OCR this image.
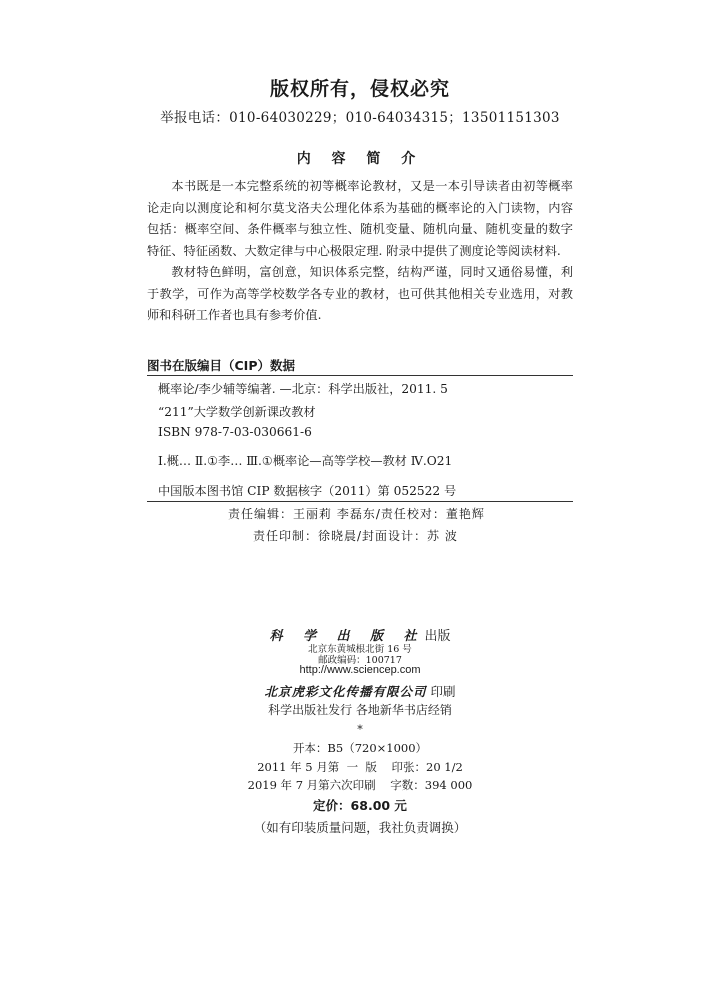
版权所有，侵权必究
举报电话：010-64030229；010-64034315；13501151303
内 容 简 介

本书既是一本完整系统的初等概率论教材，又是一本引导读者由初等概率论走向以测度论和柯尔莫戈洛夫公理化体系为基础的概率论的入门读物，内容包括：概率空间、条件概率与独立性、随机变量、随机向量、随机变量的数字特征、特征函数、大数定律与中心极限定理. 附录中提供了测度论等阅读材料.

教材特色鲜明，富创意，知识体系完整，结构严谨，同时又通俗易懂，利于教学，可作为高等学校数学各专业的教材，也可供其他相关专业选用，对教师和科研工作者也具有参考价值.

图书在版编目（CIP）数据
概率论/李少辅等编著. —北京：科学出版社，2011. 5
“211”大学数学创新课改教材
ISBN 978-7-03-030661-6
Ⅰ.概… Ⅱ.①李… Ⅲ.①概率论—高等学校—教材 Ⅳ.O21
中国版本图书馆 CIP 数据核字（2011）第 052522 号
责任编辑：王丽莉 李磊东/责任校对：董艳辉
责任印制：徐晓晨/封面设计：苏 波
科 学 出 版 社出版
北京东黄城根北街 16 号
邮政编码：100717
http://www.sciencep.com
北京虎彩文化传播有限公司 印刷
科学出版社发行 各地新华书店经销
*
开本：B5（720×1000）
2011 年 5 月第  一  版    印张：20 1/2
2019 年 7 月第六次印刷    字数：394 000
定价：68.00 元
（如有印装质量问题，我社负责调换）
